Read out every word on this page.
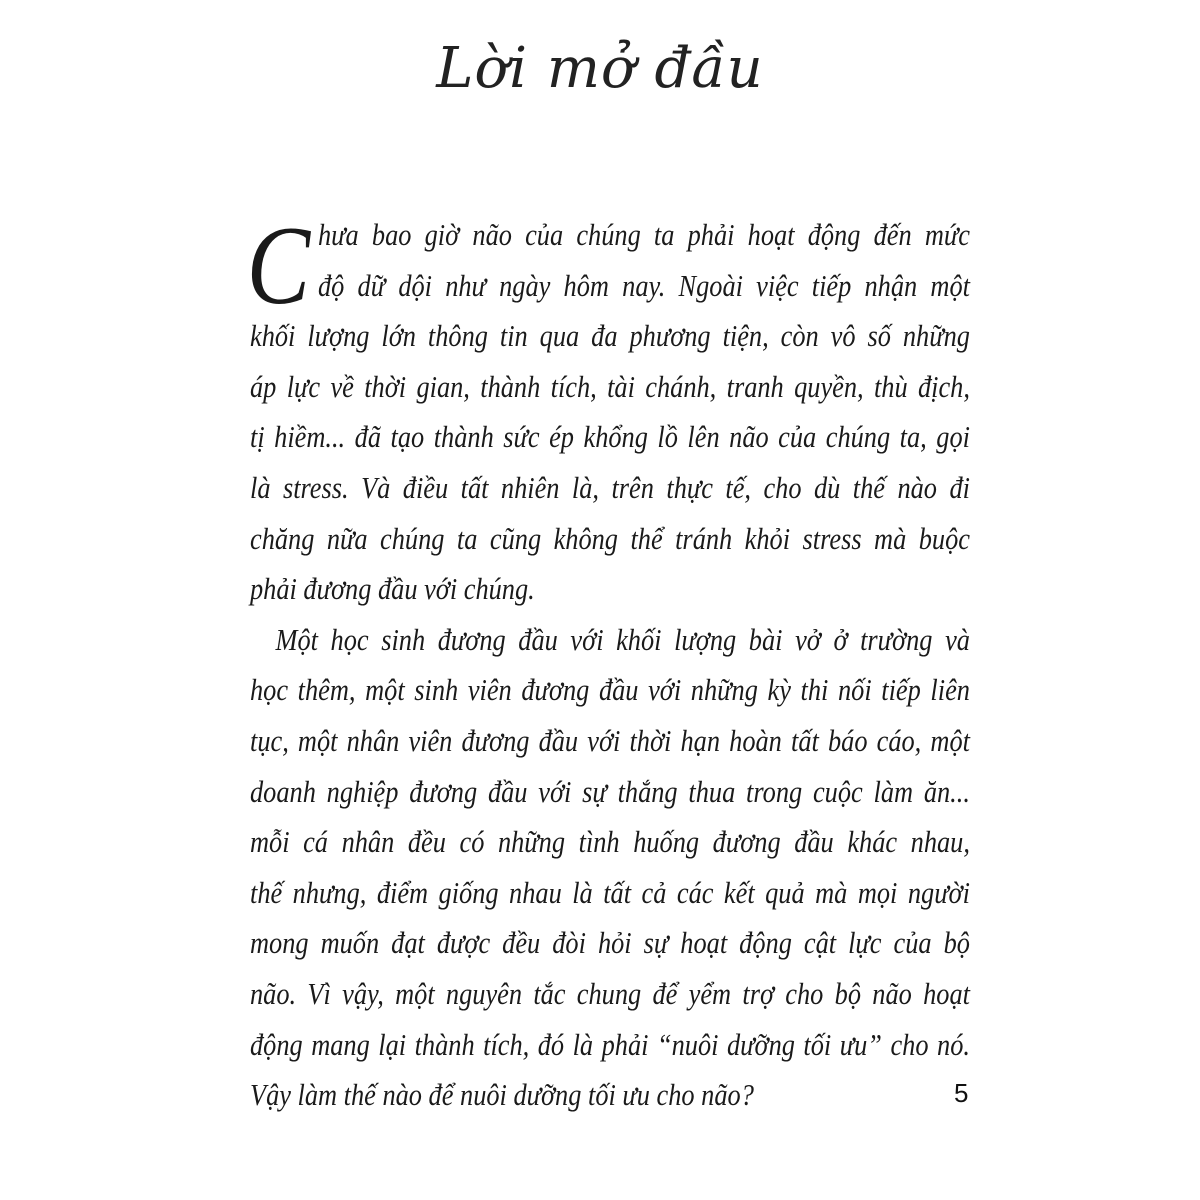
Lời mở đầu
C hưa bao giờ não của chúng ta phải hoạt động đến mức
độ dữ dội như ngày hôm nay. Ngoài việc tiếp nhận một
khối lượng lớn thông tin qua đa phương tiện, còn vô số những
áp lực về thời gian, thành tích, tài chánh, tranh quyền, thù địch,
tị hiềm... đã tạo thành sức ép khổng lồ lên não của chúng ta, gọi
là stress. Và điều tất nhiên là, trên thực tế, cho dù thế nào đi
chăng nữa chúng ta cũng không thể tránh khỏi stress mà buộc
phải đương đầu với chúng.
Một học sinh đương đầu với khối lượng bài vở ở trường và
học thêm, một sinh viên đương đầu với những kỳ thi nối tiếp liên
tục, một nhân viên đương đầu với thời hạn hoàn tất báo cáo, một
doanh nghiệp đương đầu với sự thắng thua trong cuộc làm ăn...
mỗi cá nhân đều có những tình huống đương đầu khác nhau,
thế nhưng, điểm giống nhau là tất cả các kết quả mà mọi người
mong muốn đạt được đều đòi hỏi sự hoạt động cật lực của bộ
não. Vì vậy, một nguyên tắc chung để yểm trợ cho bộ não hoạt
động mang lại thành tích, đó là phải “nuôi dưỡng tối ưu” cho nó.
Vậy làm thế nào để nuôi dưỡng tối ưu cho não?	5
